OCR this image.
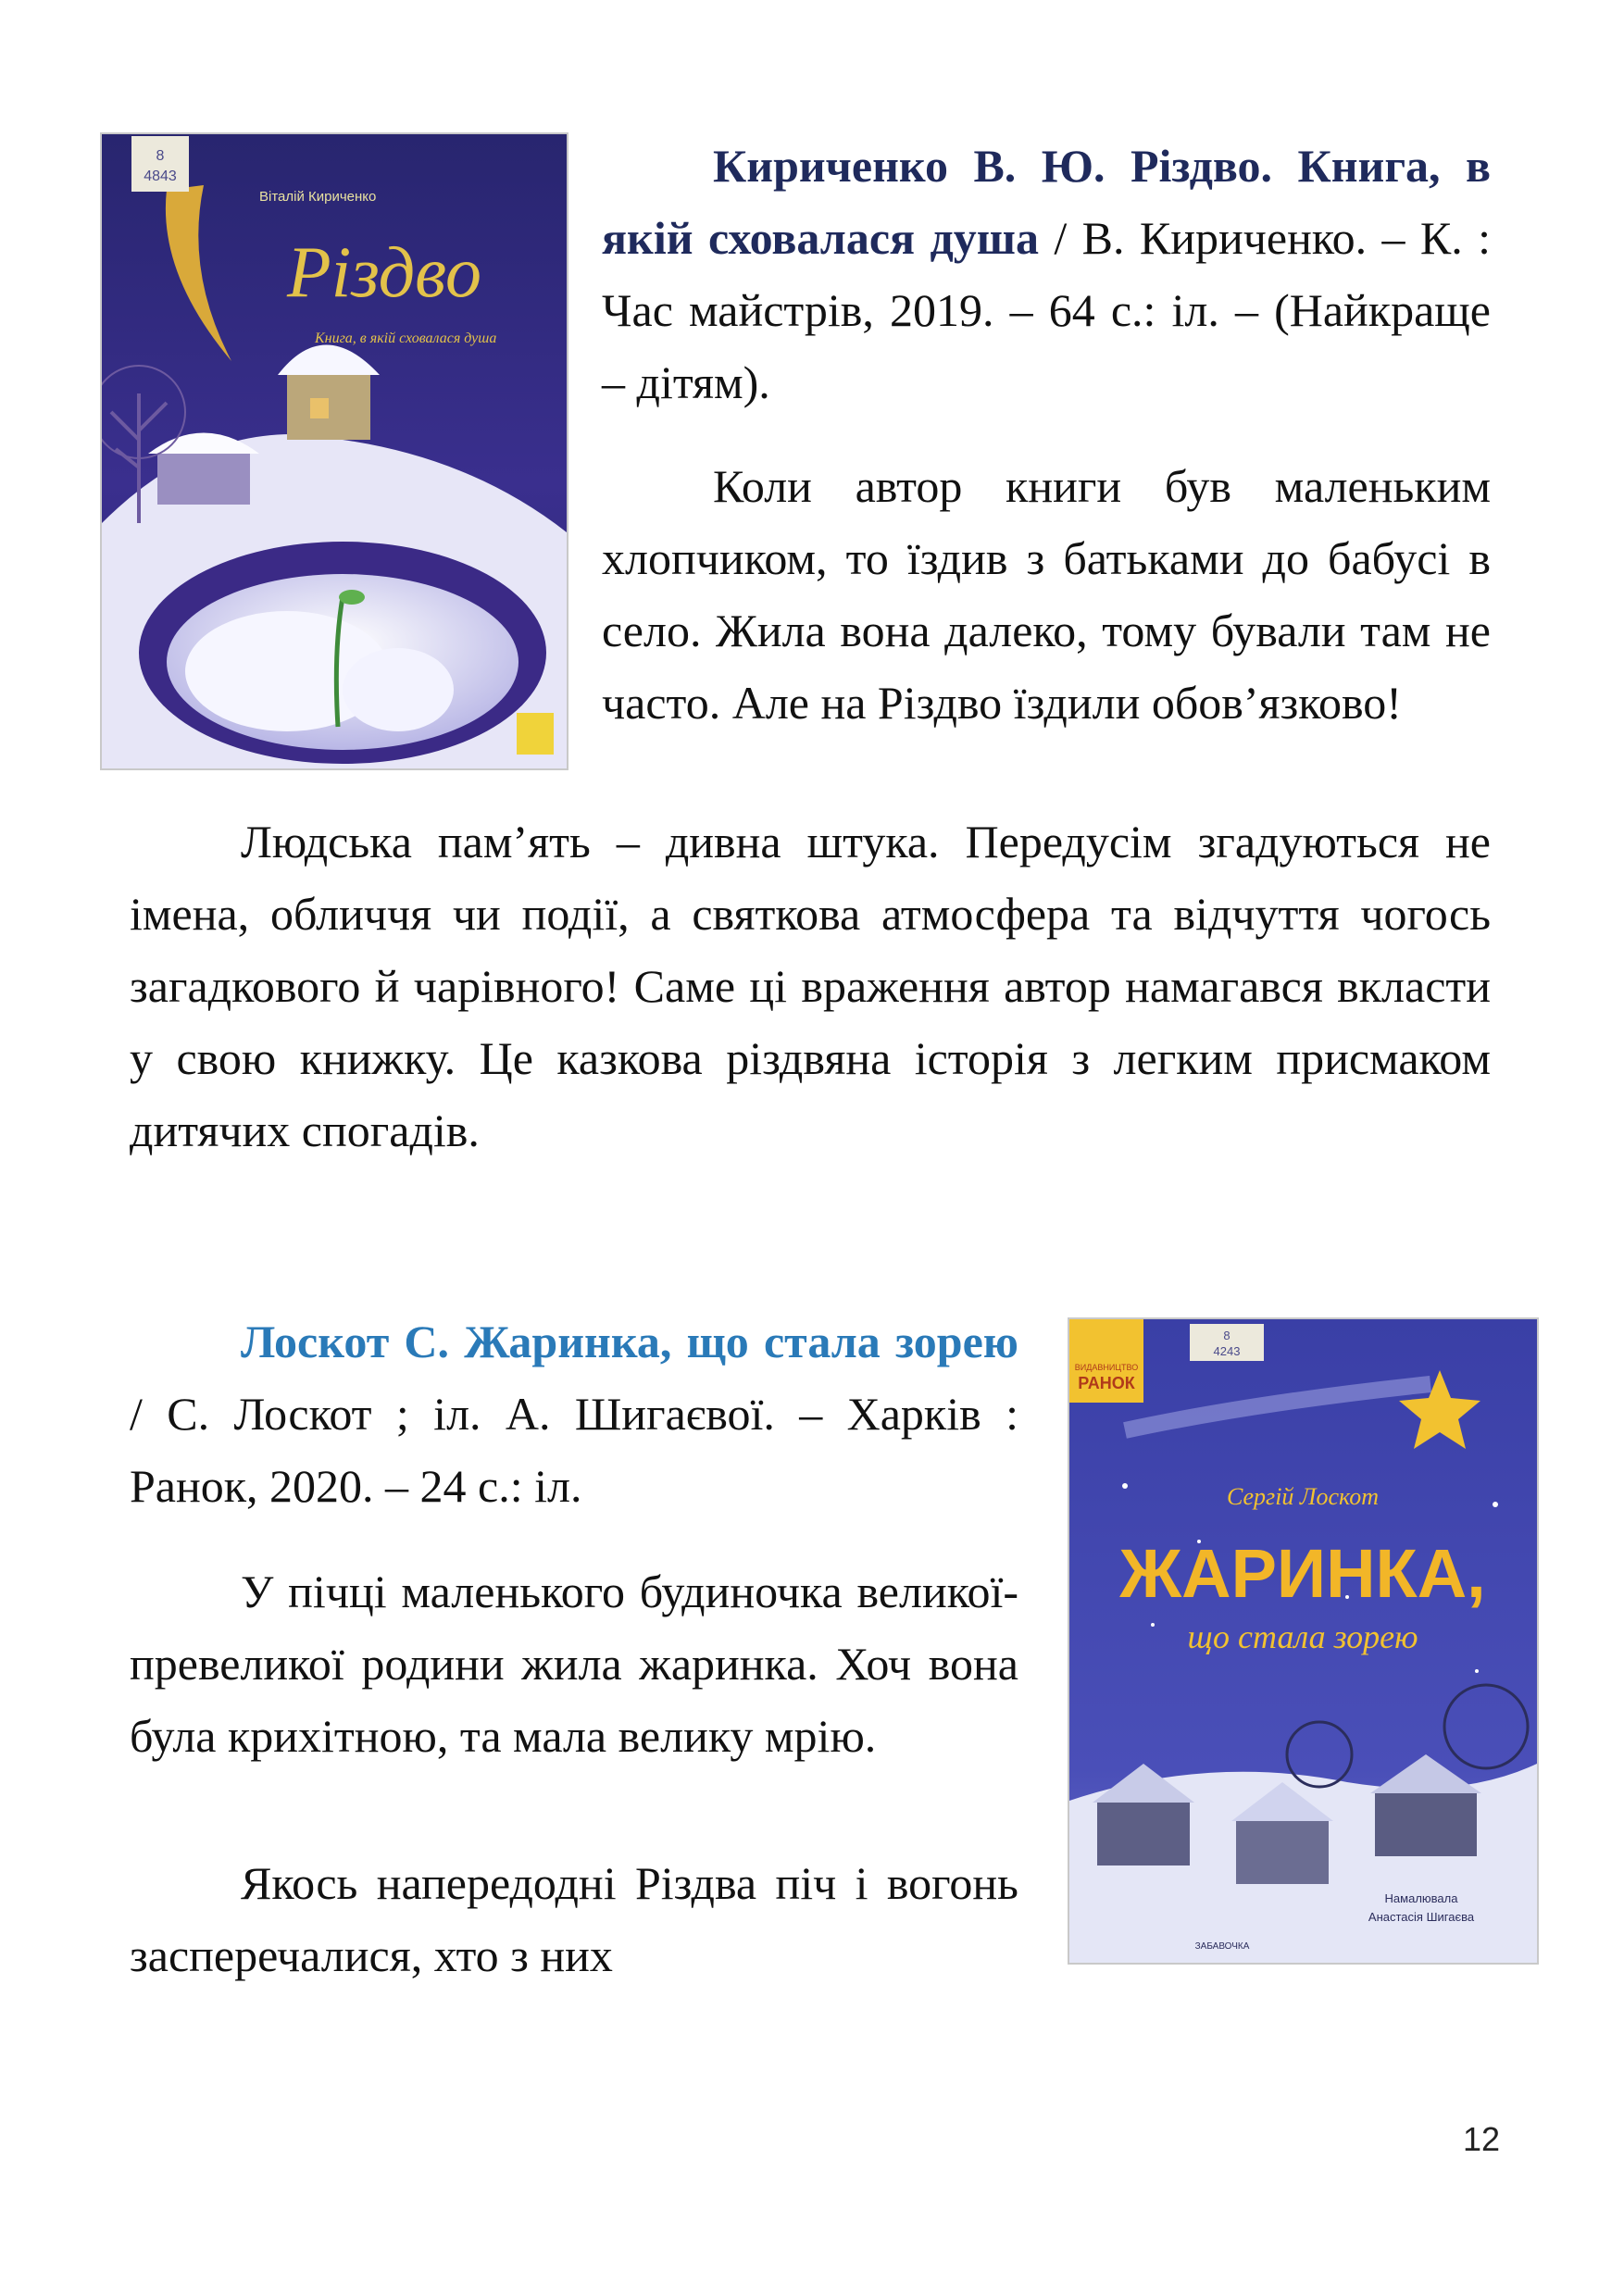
8
4843
Віталій Кириченко
Різдво
Книга, в якій сховалася душа

Кириченко В. Ю. Різдво. Книга, в якій сховалася душа / В. Кириченко. – К. : Час майстрів, 2019. – 64 с.: іл. – (Найкраще – дітям).

Коли автор книги був маленьким хлопчиком, то їздив з батьками до бабусі в село. Жила вона далеко, тому бували там не часто. Але на Різдво їздили обов’язково!

Людська пам’ять – дивна штука. Передусім згадуються не імена, обличчя чи події, а святкова атмосфера та відчуття чогось загадкового й чарівного! Саме ці враження автор намагався вкласти у свою книжку. Це казкова різдвяна історія з легким присмаком дитячих спогадів.

Лоскот С. Жаринка, що стала зорею / С. Лоскот ; іл. А. Шигаєвої. – Харків : Ранок, 2020. – 24 с.: іл.

У пічці маленького будиночка великої-превеликої родини жила жаринка. Хоч вона була крихітною, та мала велику мрію.

Якось напередодні Різдва піч і вогонь засперечалися, хто з них

ВИДАВНИЦТВО
РАНОК
8
4243
Сергій Лоскот
ЖАРИНКА,
що стала зорею
Намалювала
Анастасія Шигаєва
ЗАБАВОЧКА
12
